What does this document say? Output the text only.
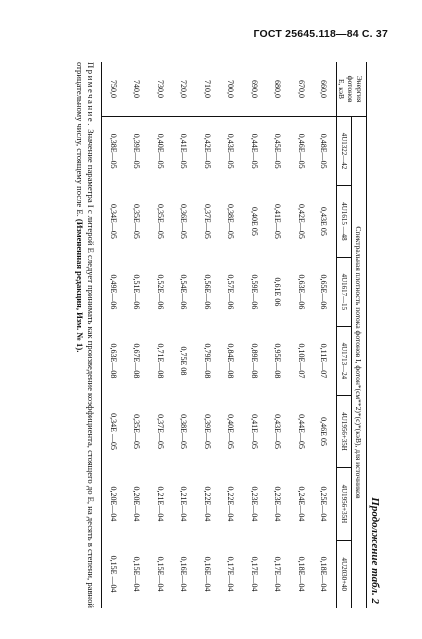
ГОСТ 25645.118—84 С. 37
Продолжение табл. 2
Энергия
фотонов
E, кэВ	Спектральная плотность потока фотонов I, фотон*(см**2)*(с)*(кэВ), для источников						
	4U1322—42	4U1615 —48	4U1617—15	4U1713—24	4U1956+35H	4U1956+35H	4U2030+40
660,0	0,48E—05	0,43E 05	0,65E—06	0,11E—07	0,46E 05	0,25E—04	0,18E—04
670,0	0,46E—05	0,42E—05	0,63E—06	0,10E—07	0,44E—05	0,24E—04	0,18E—04
680,0	0,45E—05	0,41E—05	0,61E 06	0,95E—08	0,43E—05	0,23E—04	0,17E—04
690,0	0,44E—05	0,40E 05	0,59E—06	0,89E—08	0,41E—05	0,23E—04	0,17E—04
700,0	0,43E—05	0,38E—05	0,57E—06	0,84E—08	0,40E—05	0,22E—04	0,17E—04
710,0	0,42E—05	0,37E—05	0,56E—06	0,79E—08	0,39E—05	0,22E—04	0,16E—04
720,0	0,41E—05	0,36E—05	0,54E—06	0,75E 08	0,38E—05	0,21E—04	0,16E—04
730,0	0,40E—05	0,35E—05	0,52E—06	0,71E—08	0,37E—05	0,21E—04	0,15E—04
740,0	0,39E—05	0,35E—05	0,51E—06	0,67E—08	0,35E—05	0,20E—04	0,15E—04
750,0	0,38E—05	0,34E—05	0,49E—06	0,63E—08	0,34E —05	0,20E—04	0,15E —04
Примечание. Значение параметра I с литерой E следует принимать как произведение коэффициента, стоящего до E, на десять в степени, равной отрицательному числу, стоящему после E. (Измененная редакция, Изм. № 1).
